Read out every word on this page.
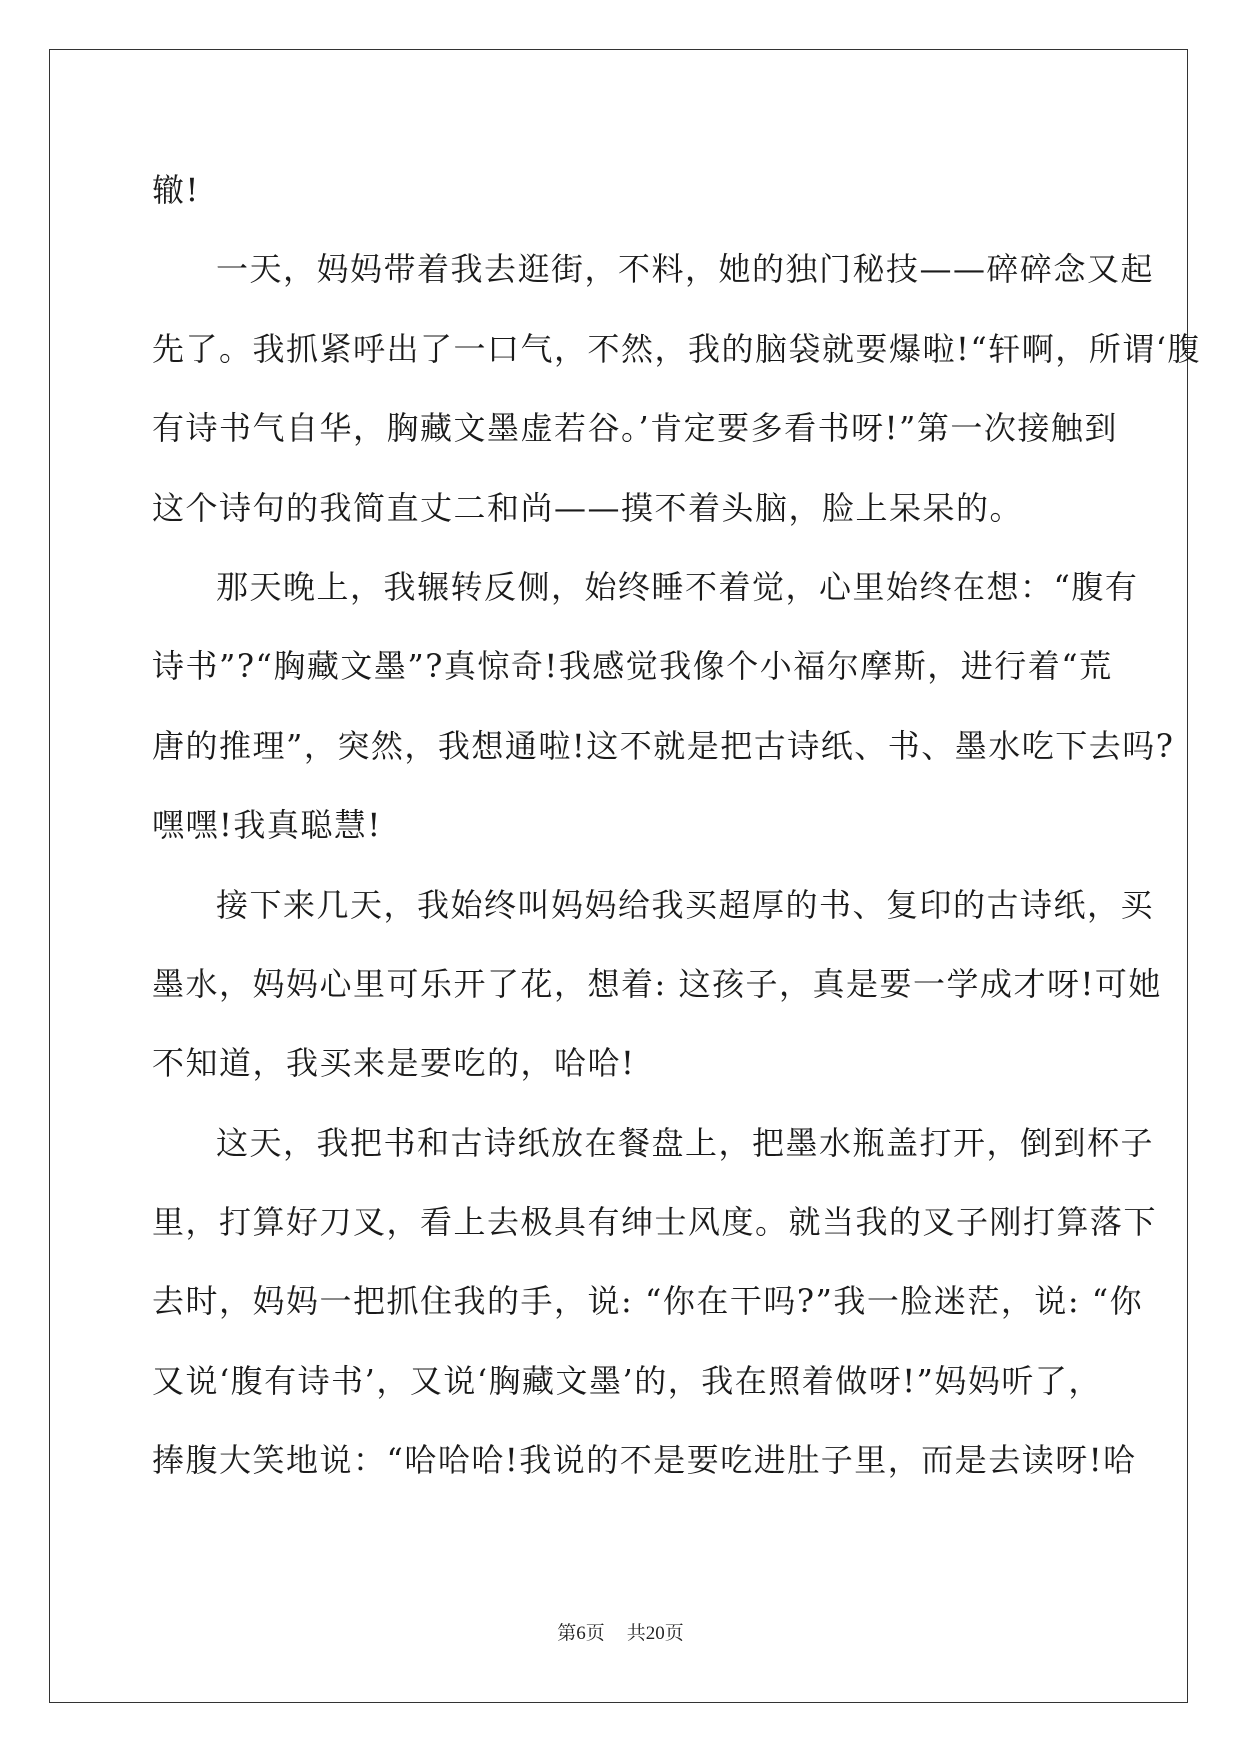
辙!
一天，妈妈带着我去逛街，不料，她的独门秘技——碎碎念又起
先了。我抓紧呼出了一口气，不然，我的脑袋就要爆啦!“轩啊，所谓‘腹
有诗书气自华，胸藏文墨虚若谷。’肯定要多看书呀!”第一次接触到
这个诗句的我简直丈二和尚——摸不着头脑，脸上呆呆的。
那天晚上，我辗转反侧，始终睡不着觉，心里始终在想：“腹有
诗书”?“胸藏文墨”?真惊奇!我感觉我像个小福尔摩斯，进行着“荒
唐的推理”，突然，我想通啦!这不就是把古诗纸、书、墨水吃下去吗?
嘿嘿!我真聪慧!
接下来几天，我始终叫妈妈给我买超厚的书、复印的古诗纸，买
墨水，妈妈心里可乐开了花，想着: 这孩子，真是要一学成才呀!可她
不知道，我买来是要吃的，哈哈!
这天，我把书和古诗纸放在餐盘上，把墨水瓶盖打开，倒到杯子
里，打算好刀叉，看上去极具有绅士风度。就当我的叉子刚打算落下
去时，妈妈一把抓住我的手，说: “你在干吗?”我一脸迷茫，说: “你
又说‘腹有诗书’，又说‘胸藏文墨’的，我在照着做呀!”妈妈听了，
捧腹大笑地说：“哈哈哈!我说的不是要吃进肚子里，而是去读呀!哈
第6页 共20页
